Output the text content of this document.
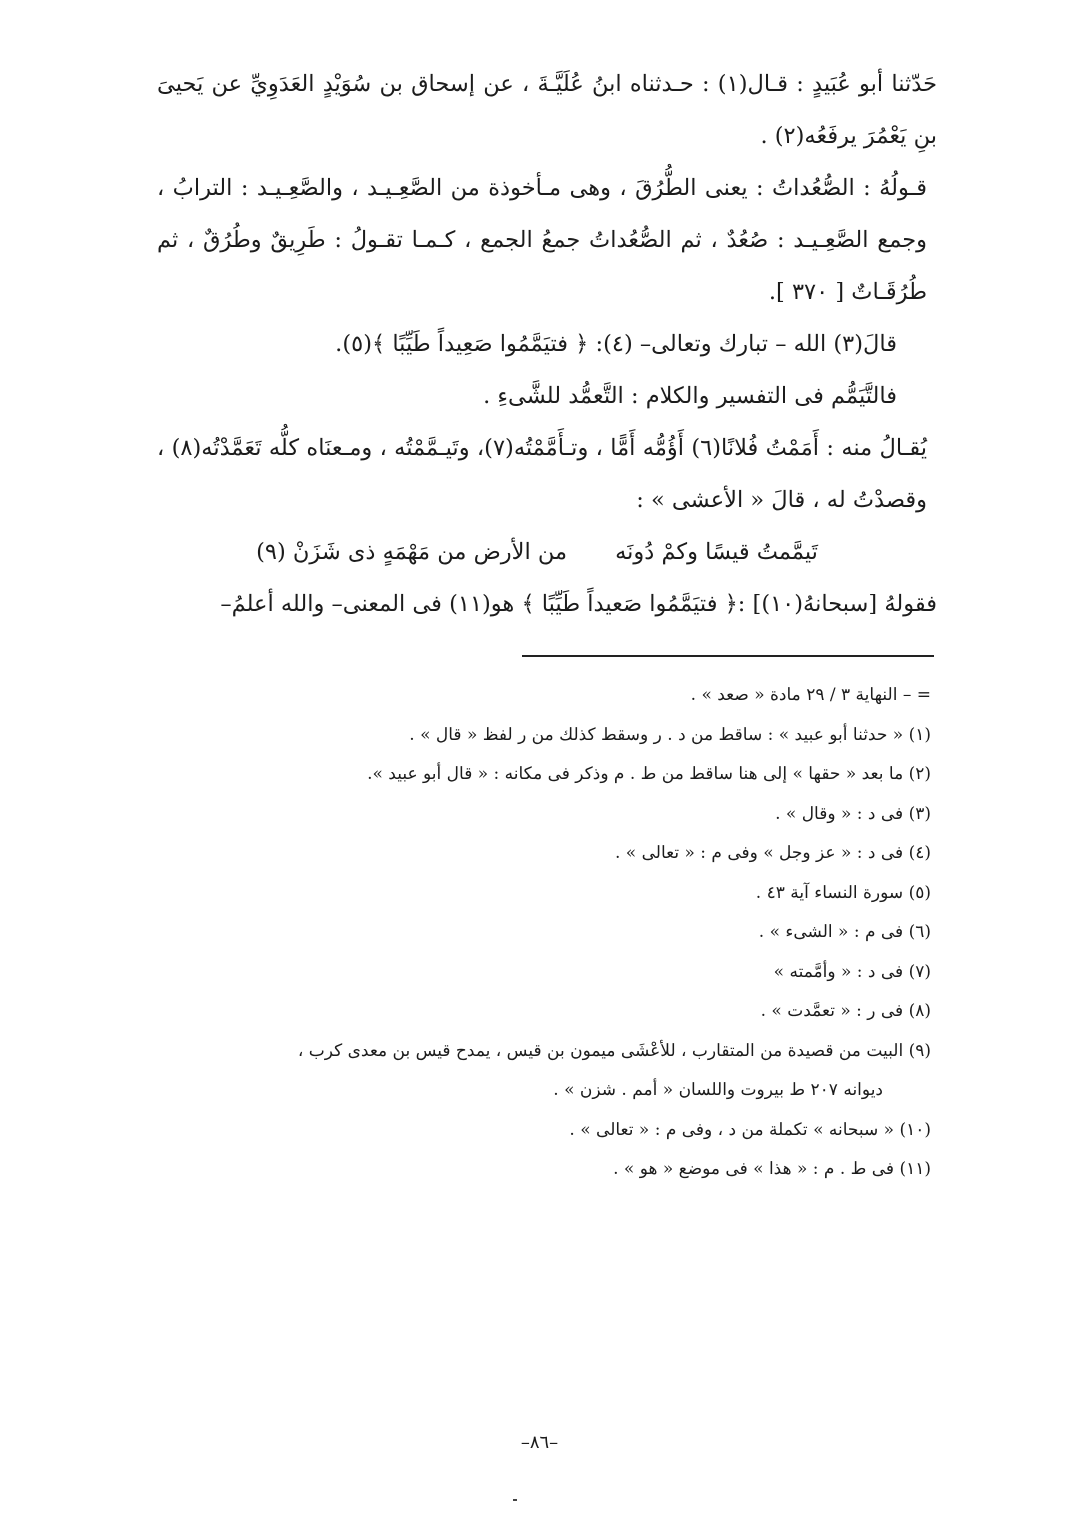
حَدّثنا أبو عُبَيدٍ : قـال(١) : حـدثناه ابنُ عُلَيَّـةَ ، عن إسحاق بن سُوَيْدٍ العَدَوِيِّ عن يَحيىَ بنِ يَعْمُرَ يرفَعُه(٢) .

قـولُهُ : الصُّعُداتُ : يعنى الطُّرُقَ ، وهى مـأخوذة من الصَّعِـيـد ، والصَّعِـيـد : الترابُ ، وجمع الصَّعِـيـد : صُعُدٌ ، ثم الصُّعُداتُ جمعُ الجمع ، كـمـا تقـولُ : طَرِيقٌ وطُرُقٌ ، ثم طُرُقَـاتٌ [ ٣٧٠ ].

قالَ(٣) الله – تبارك وتعالى– (٤): ﴿ فتيَمَّمُوا صَعِيداً طَيِّبًا ﴾(٥).

فالتَّيَمُّم فى التفسير والكلام : التَّعمُّد للشَّىءِ .

يُقـالُ منه : أَمَمْتُ فُلانًا(٦) أَؤُمُّه أَمًّا ، وتـأَمَّمْتُه(٧)، وتَيـمَّمْتُه ، ومـعنَاه كلُّه تَعَمَّدْتُه(٨) ، وقصدْتُ له ، قالَ « الأعشى » :

تَيمَّمتُ قيسًا وكمْ دُونَه
من الأرض من مَهْمَهٍ ذى شَزَنْ (٩)

فقولهُ [سبحانهُ(١٠)] :﴿ فتيَمَّمُوا صَعيداً طَيِّبًا ﴾ هو(١١) فى المعنى– والله أعلمُ–

= – النهاية ٣ / ٢٩ مادة « صعد » .
(١) « حدثنا أبو عبيد » : ساقط من د . ر وسقط كذلك من ر لفظ « قال » .
(٢) ما بعد « حقها » إلى هنا ساقط من ط . م وذكر فى مكانه : « قال أبو عبيد ».
(٣) فى د : « وقال » .
(٤) فى د : « عز وجل » وفى م : « تعالى » .
(٥) سورة النساء آية ٤٣ .
(٦) فى م : « الشىء » .
(٧) فى د : « وأمَّمته »
(٨) فى ر : « تعمَّدت » .
(٩) البيت من قصيدة من المتقارب ، للأعْشَى ميمون بن قيس ، يمدح قيس بن معدى كرب ،
ديوانه ٢٠٧ ط بيروت واللسان « أمم . شزن » .
(١٠) « سبحانه » تكملة من د ، وفى م : « تعالى » .
(١١) فى ط . م : « هذا » فى موضع « هو » .
–٨٦–
